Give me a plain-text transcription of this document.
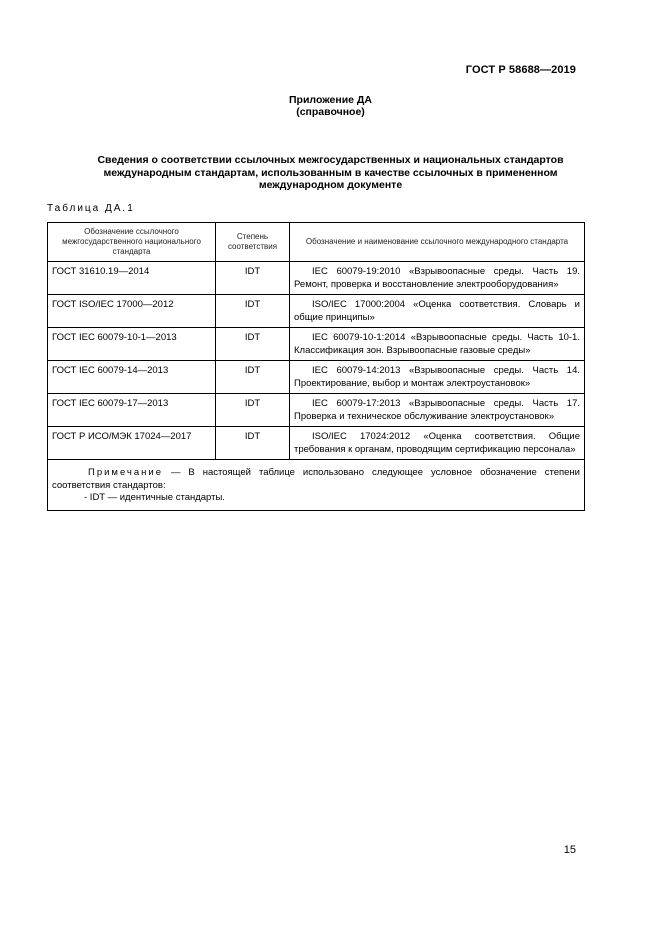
ГОСТ Р 58688—2019
Приложение ДА
(справочное)
Сведения о соответствии ссылочных межгосударственных и национальных стандартов
международным стандартам, использованным в качестве ссылочных в примененном
международном документе
Таблица ДА.1
Обозначение ссылочного межгосударственного национального стандарта	Степень соответствия	Обозначение и наименование ссылочного международного стандарта
ГОСТ 31610.19—2014	IDT	IEC 60079-19:2010 «Взрывоопасные среды. Часть 19. Ремонт, проверка и восстановление электрооборудования»
ГОСТ ISO/IEC 17000—2012	IDT	ISO/IEC 17000:2004 «Оценка соответствия. Словарь и общие принципы»
ГОСТ IEC 60079-10-1—2013	IDT	IEC 60079-10-1:2014 «Взрывоопасные среды. Часть 10-1. Классификация зон. Взрывоопасные газовые среды»
ГОСТ IEC 60079-14—2013	IDT	IEC 60079-14:2013 «Взрывоопасные среды. Часть 14. Проектирование, выбор и монтаж электроустановок»
ГОСТ IEC 60079-17—2013	IDT	IEC 60079-17:2013 «Взрывоопасные среды. Часть 17. Проверка и техническое обслуживание электроустановок»
ГОСТ Р ИСО/МЭК 17024—2017	IDT	ISO/IEC 17024:2012 «Оценка соответствия. Общие требования к органам, проводящим сертификацию персонала»

Примечание — В настоящей таблице использовано следующее условное обозначение степени соответствия стандартов:
- IDT — идентичные стандарты.		
15
